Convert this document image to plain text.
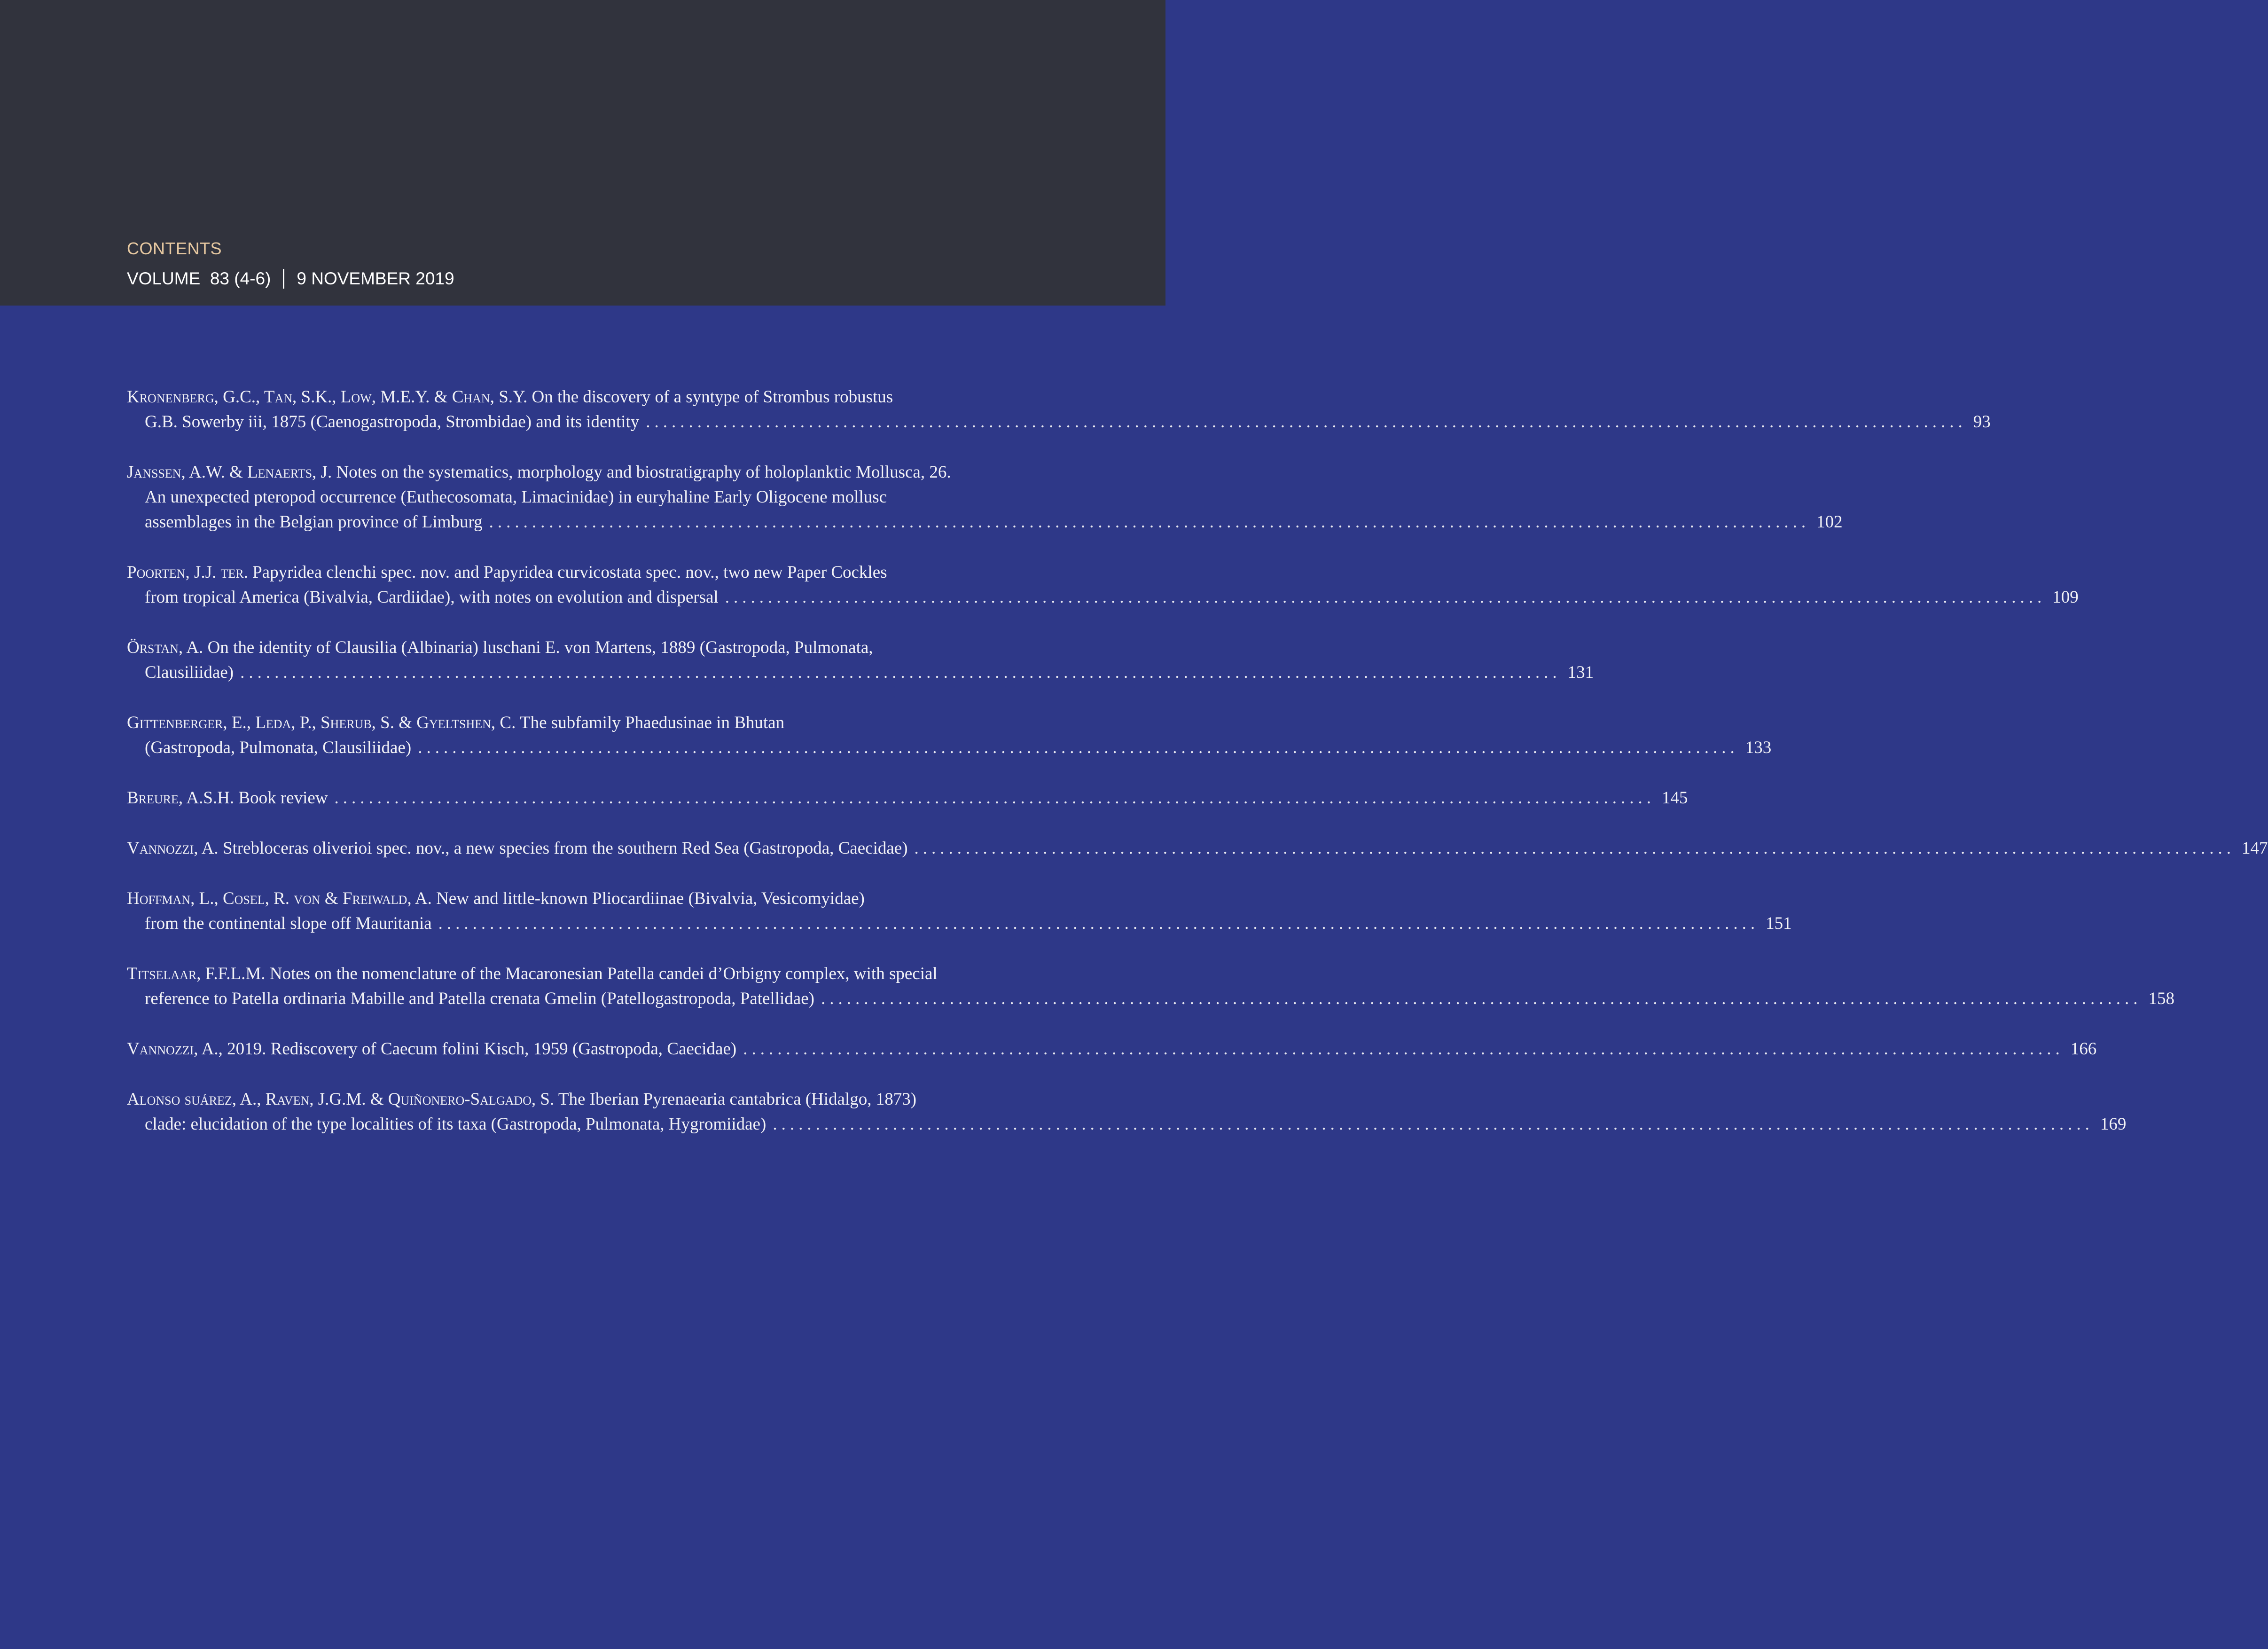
CONTENTS
VOLUME  83 (4-6) 9 NOVEMBER 2019
Kronenberg, G.C., Tan, S.K., Low, M.E.Y. & Chan, S.Y. On the discovery of a syntype of Strombus robustus
G.B. Sowerby iii, 1875 (Caenogastropoda, Strombidae) and its identity .......................................................................................................................................................... 93
Janssen, A.W. & Lenaerts, J. Notes on the systematics, morphology and biostratigraphy of holoplanktic Mollusca, 26.
An unexpected pteropod occurrence (Euthecosomata, Limacinidae) in euryhaline Early Oligocene mollusc
assemblages in the Belgian province of Limburg .......................................................................................................................................................... 102
Poorten, J.J. ter. Papyridea clenchi spec. nov. and Papyridea curvicostata spec. nov., two new Paper Cockles
from tropical America (Bivalvia, Cardiidae), with notes on evolution and dispersal .......................................................................................................................................................... 109
Örstan, A. On the identity of Clausilia (Albinaria) luschani E. von Martens, 1889 (Gastropoda, Pulmonata,
Clausiliidae) .......................................................................................................................................................... 131
Gittenberger, E., Leda, P., Sherub, S. & Gyeltshen, C. The subfamily Phaedusinae in Bhutan
(Gastropoda, Pulmonata, Clausiliidae) .......................................................................................................................................................... 133
Breure, A.S.H. Book review .......................................................................................................................................................... 145
Vannozzi, A. Strebloceras oliverioi spec. nov., a new species from the southern Red Sea (Gastropoda, Caecidae) .......................................................................................................................................................... 147
Hoffman, L., Cosel, R. von & Freiwald, A. New and little-known Pliocardiinae (Bivalvia, Vesicomyidae)
from the continental slope off Mauritania .......................................................................................................................................................... 151
Titselaar, F.F.L.M. Notes on the nomenclature of the Macaronesian Patella candei d’Orbigny complex, with special
reference to Patella ordinaria Mabille and Patella crenata Gmelin (Patellogastropoda, Patellidae) .......................................................................................................................................................... 158
Vannozzi, A., 2019. Rediscovery of Caecum folini Kisch, 1959 (Gastropoda, Caecidae) .......................................................................................................................................................... 166
Alonso suárez, A., Raven, J.G.M. & Quiñonero-Salgado, S. The Iberian Pyrenaearia cantabrica (Hidalgo, 1873)
clade: elucidation of the type localities of its taxa (Gastropoda, Pulmonata, Hygromiidae) .......................................................................................................................................................... 169
